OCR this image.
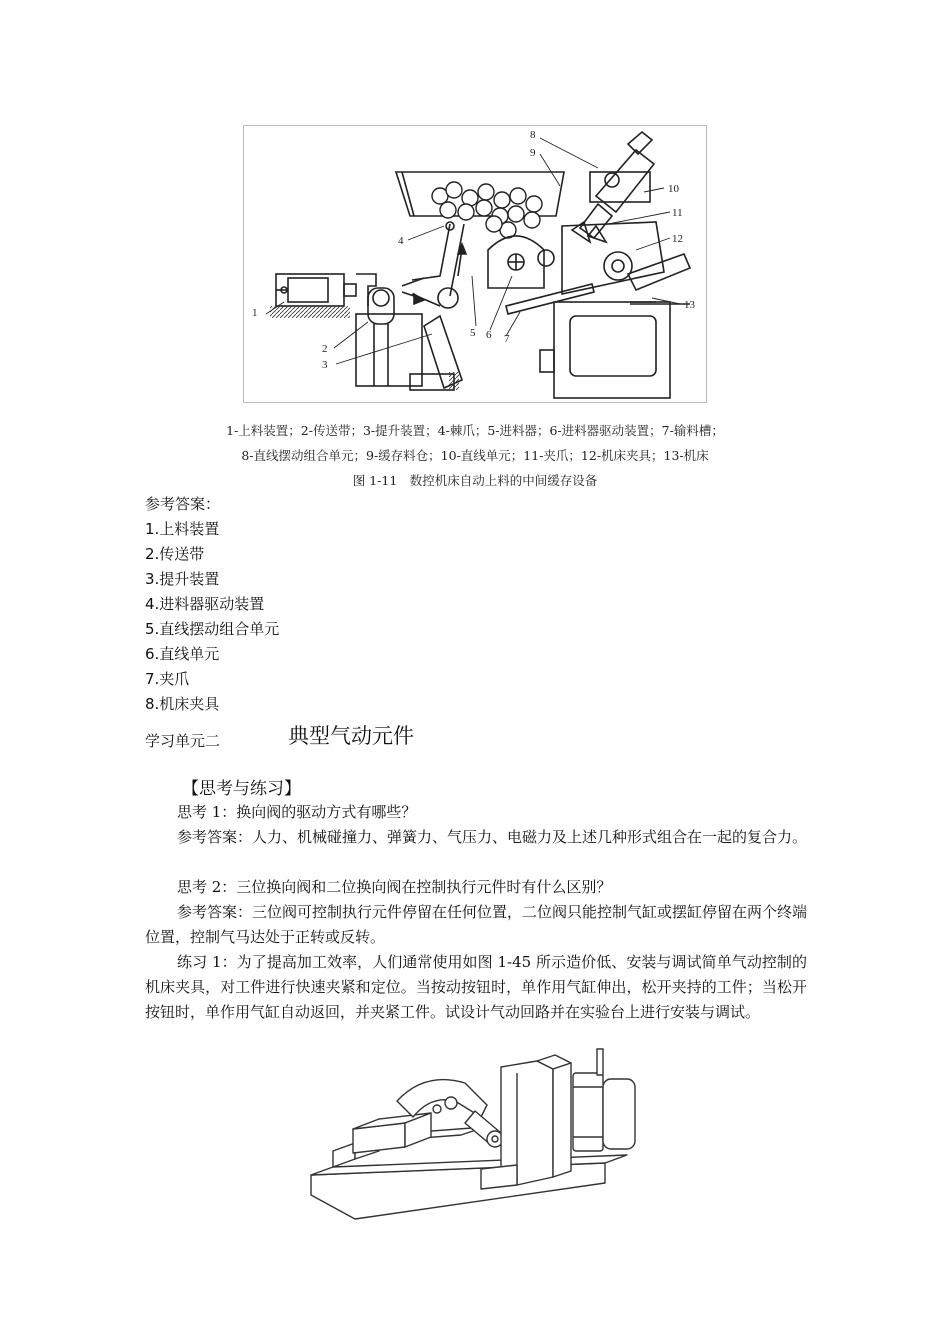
1
2
3
4
5 6 7
8
9
10
11
12
13
1-上料装置；2-传送带；3-提升装置；4-棘爪；5-进料器；6-进料器驱动装置；7-输料槽；
8-直线摆动组合单元；9-缓存料仓；10-直线单元；11-夹爪；12-机床夹具；13-机床
图 1-11　数控机床自动上料的中间缓存设备
参考答案：
1.上料装置
2.传送带
3.提升装置
4.进料器驱动装置
5.直线摆动组合单元
6.直线单元
7.夹爪
8.机床夹具
学习单元二	典型气动元件
【思考与练习】
思考 1：换向阀的驱动方式有哪些？
参考答案：人力、机械碰撞力、弹簧力、气压力、电磁力及上述几种形式组合在一起的复合力。
思考 2：三位换向阀和二位换向阀在控制执行元件时有什么区别？
参考答案：三位阀可控制执行元件停留在任何位置，二位阀只能控制气缸或摆缸停留在两个终端位置，控制气马达处于正转或反转。
练习 1：为了提高加工效率，人们通常使用如图 1-45 所示造价低、安装与调试简单气动控制的机床夹具，对工件进行快速夹紧和定位。当按动按钮时，单作用气缸伸出，松开夹持的工件；当松开按钮时，单作用气缸自动返回，并夹紧工件。试设计气动回路并在实验台上进行安装与调试。
